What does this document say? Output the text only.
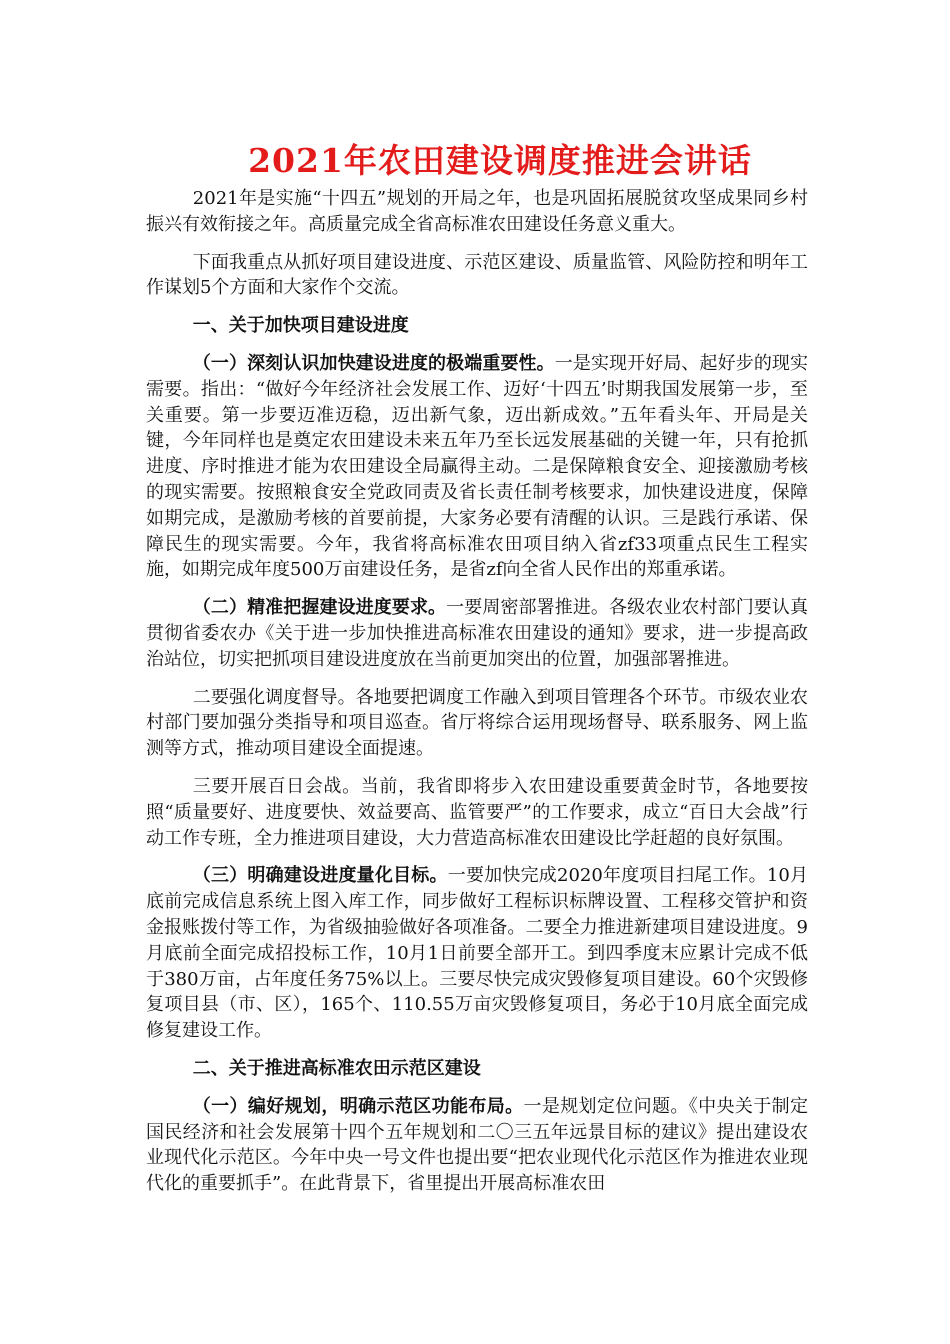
2021年农田建设调度推进会讲话

2021年是实施“十四五”规划的开局之年，也是巩固拓展脱贫攻坚成果同乡村振兴有效衔接之年。高质量完成全省高标准农田建设任务意义重大。

下面我重点从抓好项目建设进度、示范区建设、质量监管、风险防控和明年工作谋划5个方面和大家作个交流。

一、关于加快项目建设进度

（一）深刻认识加快建设进度的极端重要性。一是实现开好局、起好步的现实需要。指出：“做好今年经济社会发展工作、迈好‘十四五’时期我国发展第一步，至关重要。第一步要迈准迈稳，迈出新气象，迈出新成效。”五年看头年、开局是关键，今年同样也是奠定农田建设未来五年乃至长远发展基础的关键一年，只有抢抓进度、序时推进才能为农田建设全局赢得主动。二是保障粮食安全、迎接激励考核的现实需要。按照粮食安全党政同责及省长责任制考核要求，加快建设进度，保障如期完成，是激励考核的首要前提，大家务必要有清醒的认识。三是践行承诺、保障民生的现实需要。今年，我省将高标准农田项目纳入省zf33项重点民生工程实施，如期完成年度500万亩建设任务，是省zf向全省人民作出的郑重承诺。

（二）精准把握建设进度要求。一要周密部署推进。各级农业农村部门要认真贯彻省委农办《关于进一步加快推进高标准农田建设的通知》要求，进一步提高政治站位，切实把抓项目建设进度放在当前更加突出的位置，加强部署推进。

二要强化调度督导。各地要把调度工作融入到项目管理各个环节。市级农业农村部门要加强分类指导和项目巡查。省厅将综合运用现场督导、联系服务、网上监测等方式，推动项目建设全面提速。

三要开展百日会战。当前，我省即将步入农田建设重要黄金时节，各地要按照“质量要好、进度要快、效益要高、监管要严”的工作要求，成立“百日大会战”行动工作专班，全力推进项目建设，大力营造高标准农田建设比学赶超的良好氛围。

（三）明确建设进度量化目标。一要加快完成2020年度项目扫尾工作。10月底前完成信息系统上图入库工作，同步做好工程标识标牌设置、工程移交管护和资金报账拨付等工作，为省级抽验做好各项准备。二要全力推进新建项目建设进度。9月底前全面完成招投标工作，10月1日前要全部开工。到四季度末应累计完成不低于380万亩，占年度任务75%以上。三要尽快完成灾毁修复项目建设。60个灾毁修复项目县（市、区），165个、110.55万亩灾毁修复项目，务必于10月底全面完成修复建设工作。

二、关于推进高标准农田示范区建设

（一）编好规划，明确示范区功能布局。一是规划定位问题。《中央关于制定国民经济和社会发展第十四个五年规划和二〇三五年远景目标的建议》提出建设农业现代化示范区。今年中央一号文件也提出要“把农业现代化示范区作为推进农业现代化的重要抓手”。在此背景下，省里提出开展高标准农田
